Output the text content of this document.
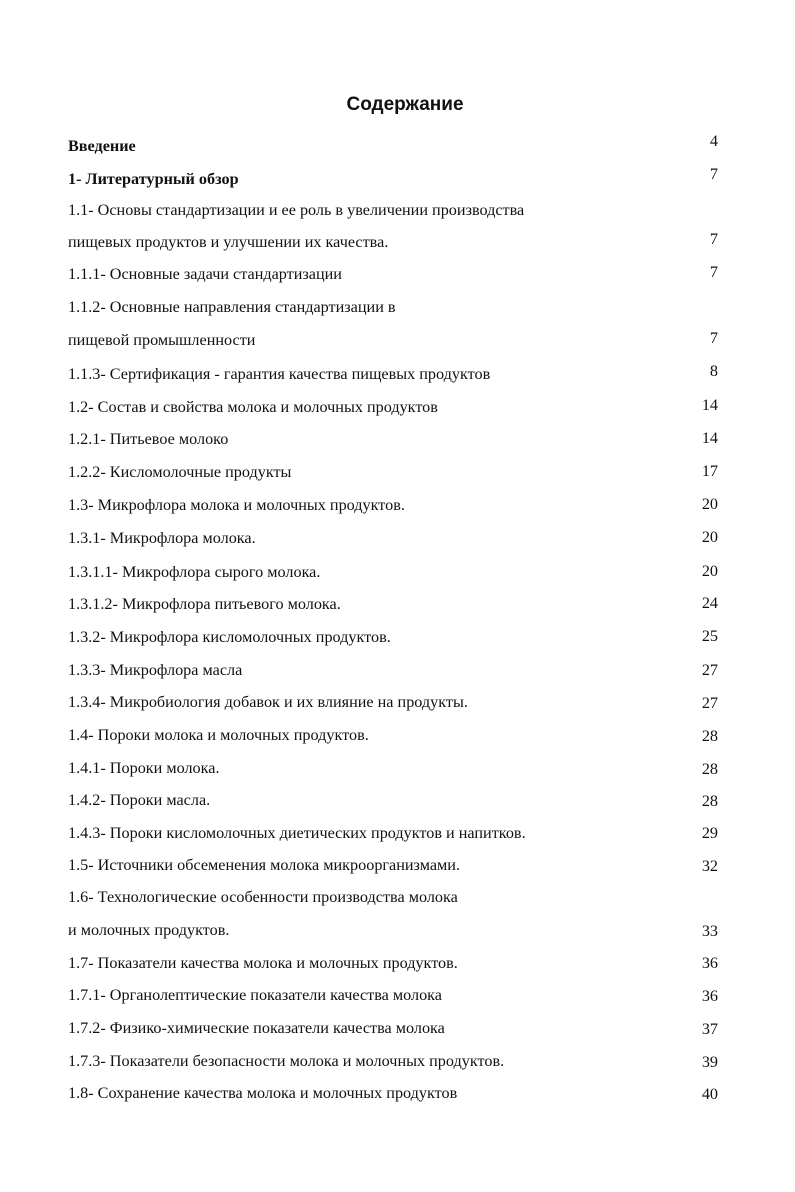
Содержание
Введение	4
1- Литературный обзор	7
1.1- Основы стандартизации и ее роль в увеличении производства
пищевых продуктов и улучшении их качества.	7
1.1.1- Основные задачи стандартизации	7
1.1.2- Основные направления стандартизации в
пищевой промышленности	7
1.1.3- Сертификация - гарантия качества пищевых продуктов	8
1.2- Состав и свойства молока и молочных продуктов	14
1.2.1- Питьевое молоко	14
1.2.2- Кисломолочные продукты	17
1.3- Микрофлора молока и молочных продуктов.	20
1.3.1- Микрофлора молока.	20
1.3.1.1- Микрофлора сырого молока.	20
1.3.1.2- Микрофлора питьевого молока.	24
1.3.2- Микрофлора кисломолочных продуктов.	25
1.3.3- Микрофлора масла	27
1.3.4- Микробиология добавок и их влияние на продукты.	27
1.4- Пороки молока и молочных продуктов.	28
1.4.1- Пороки молока.	28
1.4.2- Пороки масла.	28
1.4.3- Пороки кисломолочных диетических продуктов и напитков.	29
1.5- Источники обсеменения молока микроорганизмами.	32
1.6- Технологические особенности производства молока
и молочных продуктов.	33
1.7- Показатели качества молока и молочных продуктов.	36
1.7.1- Органолептические показатели качества молока	36
1.7.2- Физико-химические показатели качества молока	37
1.7.3- Показатели безопасности молока и молочных продуктов.	39
1.8- Сохранение качества молока и молочных продуктов	40
